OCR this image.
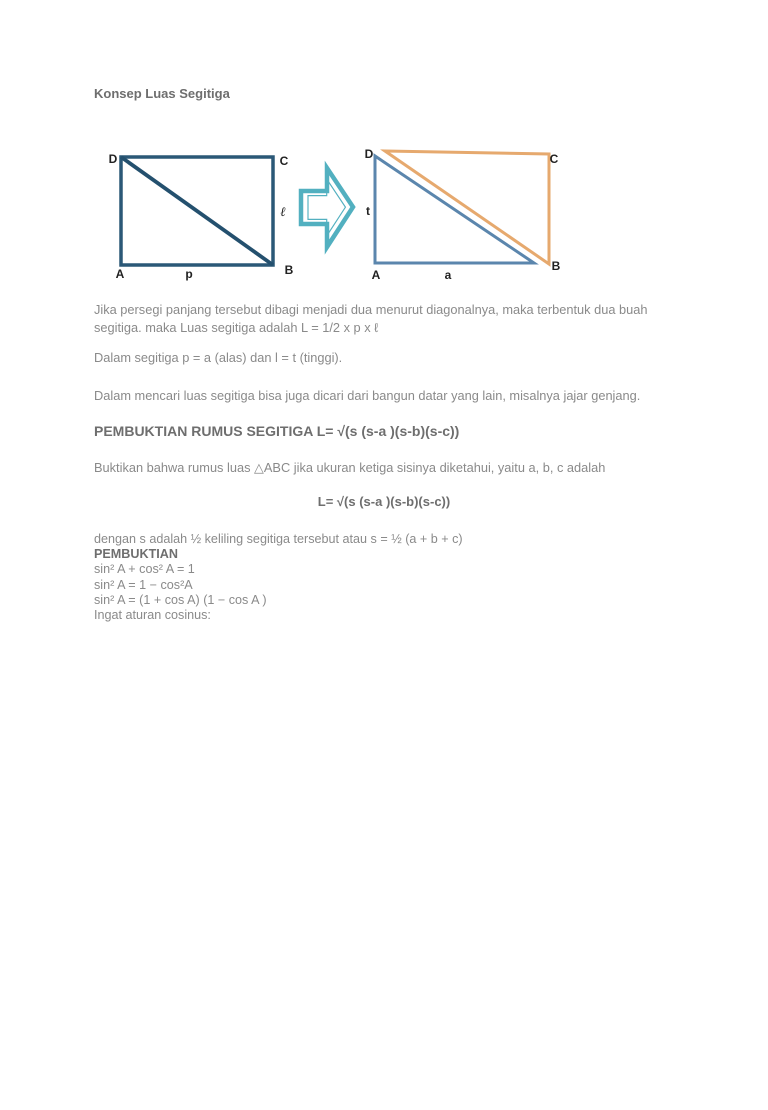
Konsep Luas Segitiga
D	C
A	B
p
ℓ
D	C
t
A	a
B

Jika persegi panjang tersebut dibagi menjadi dua menurut diagonalnya, maka terbentuk dua buah segitiga. maka Luas segitiga adalah L = 1/2 x p x ℓ

Dalam segitiga p = a (alas) dan l = t (tinggi).

Dalam mencari luas segitiga bisa juga dicari dari bangun datar yang lain, misalnya jajar genjang.

PEMBUKTIAN RUMUS SEGITIGA L= √(s (s-a )(s-b)(s-c))

Buktikan bahwa rumus luas △ABC jika ukuran ketiga sisinya diketahui, yaitu a, b, c adalah

L= √(s (s-a )(s-b)(s-c))
dengan s adalah ½ keliling segitiga tersebut atau s = ½ (a + b + c)
PEMBUKTIAN
sin² A + cos² A = 1
sin² A = 1 − cos²A
sin² A = (1 + cos A) (1 − cos A )
Ingat aturan cosinus:
